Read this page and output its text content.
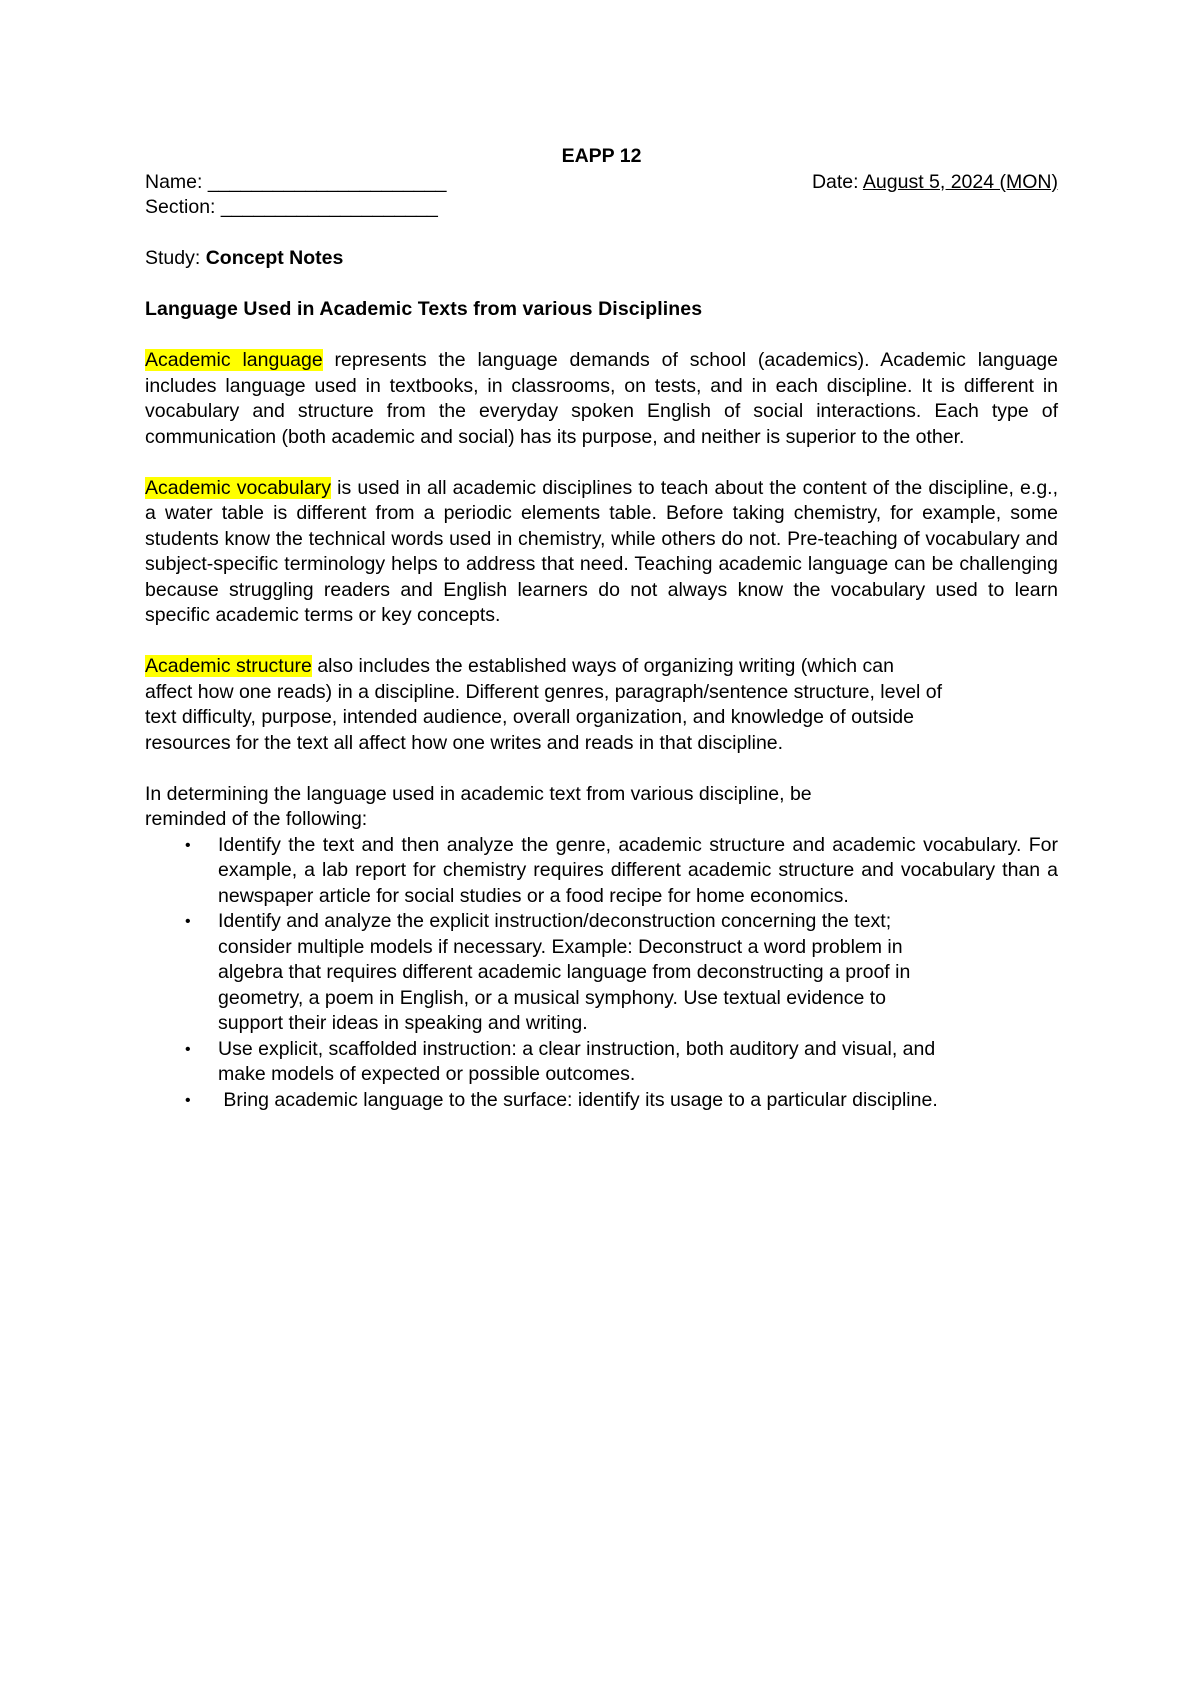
EAPP 12

Name: ______________________	Date: August 5, 2024 (MON)

Section: ____________________

Study: Concept Notes

Language Used in Academic Texts from various Disciplines

Academic language represents the language demands of school (academics). Academic language includes language used in textbooks, in classrooms, on tests, and in each discipline. It is different in vocabulary and structure from the everyday spoken English of social interactions. Each type of communication (both academic and social) has its purpose, and neither is superior to the other.

Academic vocabulary is used in all academic disciplines to teach about the content of the discipline, e.g., a water table is different from a periodic elements table. Before taking chemistry, for example, some students know the technical words used in chemistry, while others do not. Pre-teaching of vocabulary and subject-specific terminology helps to address that need. Teaching academic language can be challenging because struggling readers and English learners do not always know the vocabulary used to learn specific academic terms or key concepts.

Academic structure also includes the established ways of organizing writing (which can

affect how one reads) in a discipline. Different genres, paragraph/sentence structure, level of

text difficulty, purpose, intended audience, overall organization, and knowledge of outside

resources for the text all affect how one writes and reads in that discipline.

In determining the language used in academic text from various discipline, be

reminded of the following:

• Identify the text and then analyze the genre, academic structure and academic vocabulary. For example, a lab report for chemistry requires different academic structure and vocabulary than a newspaper article for social studies or a food recipe for home economics.

• Identify and analyze the explicit instruction/deconstruction concerning the text;

consider multiple models if necessary. Example: Deconstruct a word problem in

algebra that requires different academic language from deconstructing a proof in

geometry, a poem in English, or a musical symphony. Use textual evidence to

support their ideas in speaking and writing.

• Use explicit, scaffolded instruction: a clear instruction, both auditory and visual, and

make models of expected or possible outcomes.

• Bring academic language to the surface: identify its usage to a particular discipline.
